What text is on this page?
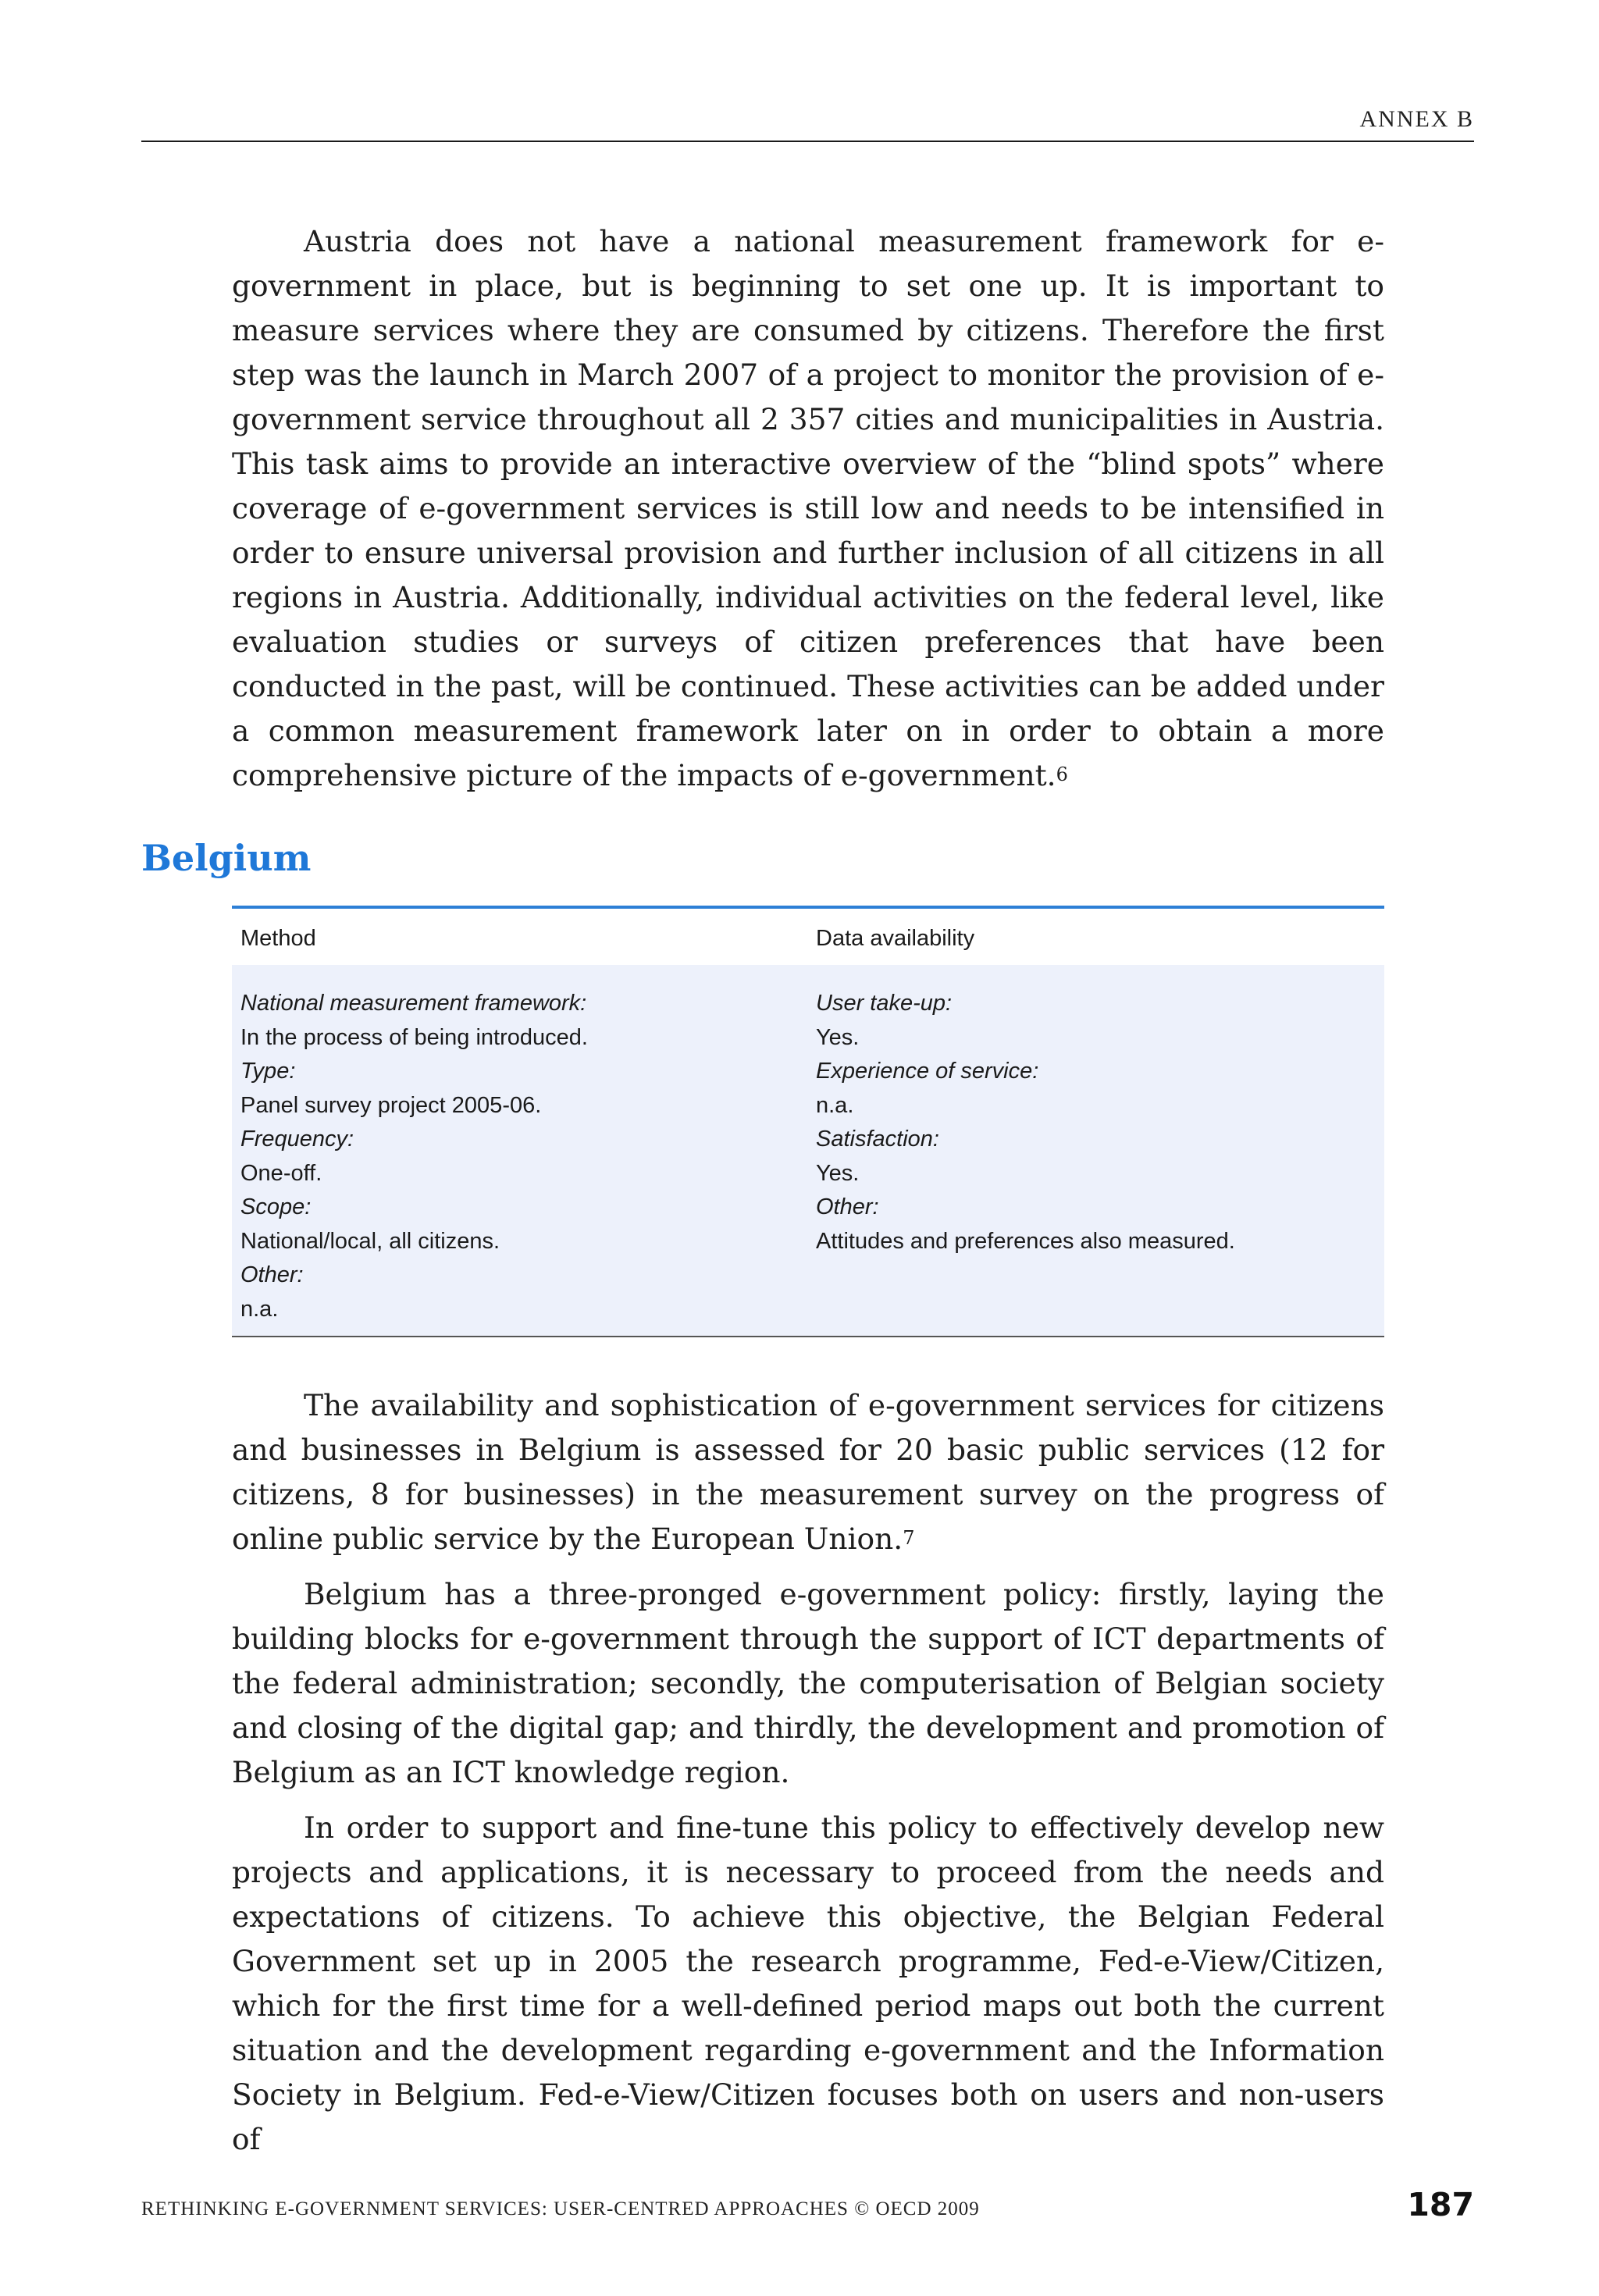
ANNEX B

Austria does not have a national measurement framework for e-government in place, but is beginning to set one up. It is important to measure services where they are consumed by citizens. Therefore the first step was the launch in March 2007 of a project to monitor the provision of e-government service throughout all 2 357 cities and municipalities in Austria. This task aims to provide an interactive overview of the “blind spots” where coverage of e-government services is still low and needs to be intensified in order to ensure universal provision and further inclusion of all citizens in all regions in Austria. Additionally, individual activities on the federal level, like evaluation studies or surveys of citizen preferences that have been conducted in the past, will be continued. These activities can be added under a common measurement framework later on in order to obtain a more comprehensive picture of the impacts of e-government.$^6$

Belgium
Method	Data availability
National measurement framework:
In the process of being introduced.
Type:
Panel survey project 2005-06.
Frequency:
One-off.
Scope:
National/local, all citizens.
Other:
n.a.
User take-up:
Yes.
Experience of service:
n.a.
Satisfaction:
Yes.
Other:
Attitudes and preferences also measured.

The availability and sophistication of e-government services for citizens and businesses in Belgium is assessed for 20 basic public services (12 for citizens, 8 for businesses) in the measurement survey on the progress of online public service by the European Union.$^7$

Belgium has a three-pronged e-government policy: firstly, laying the building blocks for e-government through the support of ICT departments of the federal administration; secondly, the computerisation of Belgian society and closing of the digital gap; and thirdly, the development and promotion of Belgium as an ICT knowledge region.

In order to support and fine-tune this policy to effectively develop new projects and applications, it is necessary to proceed from the needs and expectations of citizens. To achieve this objective, the Belgian Federal Government set up in 2005 the research programme, Fed-e-View/Citizen, which for the first time for a well-defined period maps out both the current situation and the development regarding e-government and the Information Society in Belgium. Fed-e-View/Citizen focuses both on users and non-users of

RETHINKING E-GOVERNMENT SERVICES: USER-CENTRED APPROACHES © OECD 2009	187
